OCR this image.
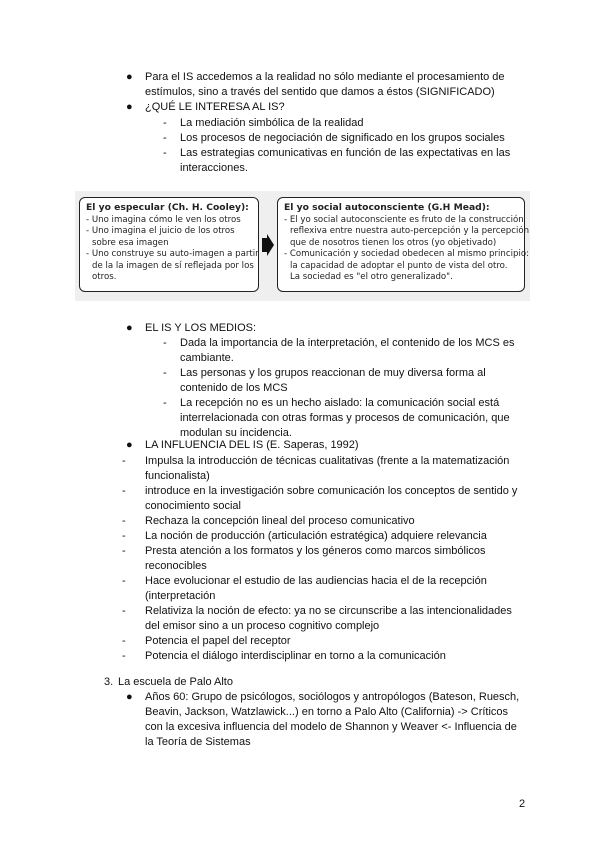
● Para el IS accedemos a la realidad no sólo mediante el procesamiento de
estímulos, sino a través del sentido que damos a éstos (SIGNIFICADO)
● ¿QUÉ LE INTERESA AL IS?
- La mediación simbólica de la realidad
- Los procesos de negociación de significado en los grupos sociales
- Las estrategias comunicativas en función de las expectativas en las
interacciones.
El yo especular (Ch. H. Cooley):
- Uno imagina cómo le ven los otros
- Uno imagina el juicio de los otros
sobre esa imagen
- Uno construye su auto-imagen a partir
de la la imagen de sí reflejada por los
otros.
El yo social autoconsciente (G.H Mead):
- El yo social autoconsciente es fruto de la construcción
reflexiva entre nuestra auto-percepción y la percepción
que de nosotros tienen los otros (yo objetivado)
- Comunicación y sociedad obedecen al mismo principio:
la capacidad de adoptar el punto de vista del otro.
La sociedad es "el otro generalizado".
● EL IS Y LOS MEDIOS:
- Dada la importancia de la interpretación, el contenido de los MCS es
cambiante.
- Las personas y los grupos reaccionan de muy diversa forma al
contenido de los MCS
- La recepción no es un hecho aislado: la comunicación social está
interrelacionada con otras formas y procesos de comunicación, que
modulan su incidencia.
● LA INFLUENCIA DEL IS (E. Saperas, 1992)
- Impulsa la introducción de técnicas cualitativas (frente a la matematización
funcionalista)
- introduce en la investigación sobre comunicación los conceptos de sentido y
conocimiento social
- Rechaza la concepción lineal del proceso comunicativo
- La noción de producción (articulación estratégica) adquiere relevancia
- Presta atención a los formatos y los géneros como marcos simbólicos
reconocibles
- Hace evolucionar el estudio de las audiencias hacia el de la recepción
(interpretación
- Relativiza la noción de efecto: ya no se circunscribe a las intencionalidades
del emisor sino a un proceso cognitivo complejo
- Potencia el papel del receptor
- Potencia el diálogo interdisciplinar en torno a la comunicación
3. La escuela de Palo Alto
● Años 60: Grupo de psicólogos, sociólogos y antropólogos (Bateson, Ruesch,
Beavin, Jackson, Watzlawick...) en torno a Palo Alto (California) -> Críticos
con la excesiva influencia del modelo de Shannon y Weaver <- Influencia de
la Teoría de Sistemas
2
